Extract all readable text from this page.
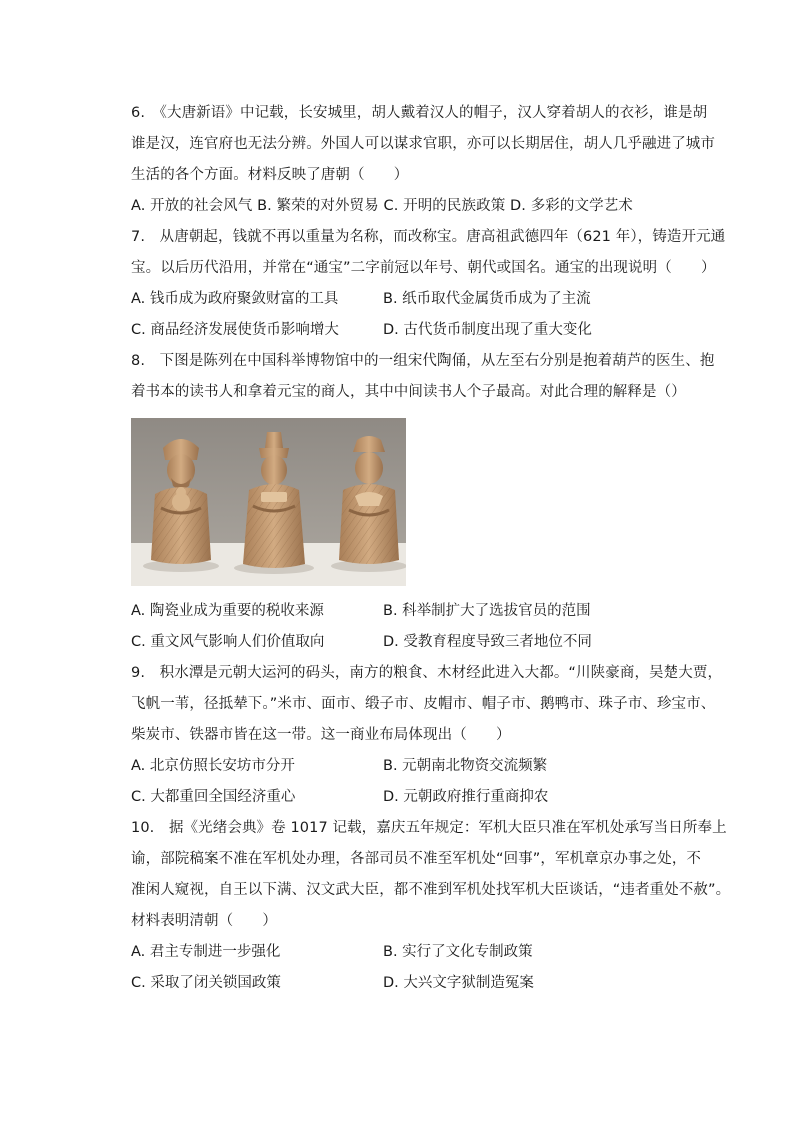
6.　《大唐新语》中记载，长安城里，胡人戴着汉人的帽子，汉人穿着胡人的衣衫，谁是胡
谁是汉，连官府也无法分辨。外国人可以谋求官职，亦可以长期居住，胡人几乎融进了城市
生活的各个方面。材料反映了唐朝（　　）
A. 开放的社会风气 B. 繁荣的对外贸易 C. 开明的民族政策 D. 多彩的文学艺术
7.　从唐朝起，钱就不再以重量为名称，而改称宝。唐高祖武德四年（621 年），铸造开元通
宝。以后历代沿用，并常在“通宝”二字前冠以年号、朝代或国名。通宝的出现说明（　　）
A. 钱币成为政府聚敛财富的工具	B. 纸币取代金属货币成为了主流
C. 商品经济发展使货币影响增大	D. 古代货币制度出现了重大变化
8.　下图是陈列在中国科举博物馆中的一组宋代陶俑，从左至右分别是抱着葫芦的医生、抱
着书本的读书人和拿着元宝的商人，其中中间读书人个子最高。对此合理的解释是（）
A. 陶瓷业成为重要的税收来源	B. 科举制扩大了选拔官员的范围
C. 重文风气影响人们价值取向	D. 受教育程度导致三者地位不同
9.　积水潭是元朝大运河的码头，南方的粮食、木材经此进入大都。“川陕豪商，吴楚大贾，
飞帆一苇，径抵辇下。”米市、面市、缎子市、皮帽市、帽子市、鹅鸭市、珠子市、珍宝市、
柴炭市、铁器市皆在这一带。这一商业布局体现出（　　）
A. 北京仿照长安坊市分开	B. 元朝南北物资交流频繁
C. 大都重回全国经济重心	D. 元朝政府推行重商抑农
10.　据《光绪会典》卷 1017 记载，嘉庆五年规定：军机大臣只准在军机处承写当日所奉上
谕，部院稿案不准在军机处办理，各部司员不准至军机处“回事”，军机章京办事之处，不
准闲人窥视，自王以下满、汉文武大臣，都不准到军机处找军机大臣谈话，“违者重处不赦”。
材料表明清朝（　　）
A. 君主专制进一步强化	B. 实行了文化专制政策
C. 采取了闭关锁国政策	D. 大兴文字狱制造冤案
